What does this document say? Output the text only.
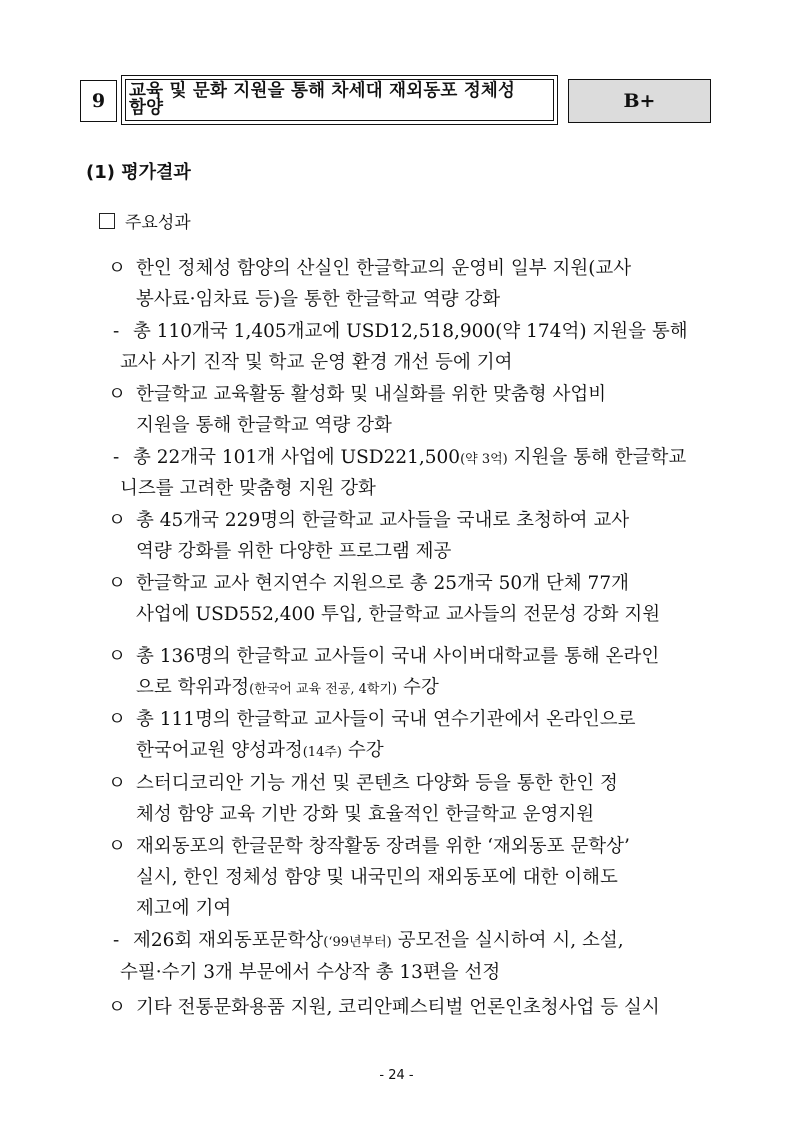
9 교육 및 문화 지원을 통해 차세대 재외동포 정체성
함양	B+
(1) 평가결과
주요성과
ㅇ 한인 정체성 함양의 산실인 한글학교의 운영비 일부 지원(교사
봉사료·임차료 등)을 통한 한글학교 역량 강화
- 총 110개국 1,405개교에 USD12,518,900(약 174억) 지원을 통해
교사 사기 진작 및 학교 운영 환경 개선 등에 기여
ㅇ 한글학교 교육활동 활성화 및 내실화를 위한 맞춤형 사업비
지원을 통해 한글학교 역량 강화
- 총 22개국 101개 사업에 USD221,500(약 3억) 지원을 통해 한글학교
니즈를 고려한 맞춤형 지원 강화
ㅇ 총 45개국 229명의 한글학교 교사들을 국내로 초청하여 교사
역량 강화를 위한 다양한 프로그램 제공
ㅇ 한글학교 교사 현지연수 지원으로 총 25개국 50개 단체 77개
사업에 USD552,400 투입, 한글학교 교사들의 전문성 강화 지원
ㅇ 총 136명의 한글학교 교사들이 국내 사이버대학교를 통해 온라인
으로 학위과정(한국어 교육 전공, 4학기) 수강
ㅇ 총 111명의 한글학교 교사들이 국내 연수기관에서 온라인으로
한국어교원 양성과정(14주) 수강
ㅇ 스터디코리안 기능 개선 및 콘텐츠 다양화 등을 통한 한인 정
체성 함양 교육 기반 강화 및 효율적인 한글학교 운영지원
ㅇ 재외동포의 한글문학 창작활동 장려를 위한 ‘재외동포 문학상’
실시, 한인 정체성 함양 및 내국민의 재외동포에 대한 이해도
제고에 기여
- 제26회 재외동포문학상(‘99년부터) 공모전을 실시하여 시, 소설,
수필·수기 3개 부문에서 수상작 총 13편을 선정
ㅇ 기타 전통문화용품 지원, 코리안페스티벌 언론인초청사업 등 실시
- 24 -
